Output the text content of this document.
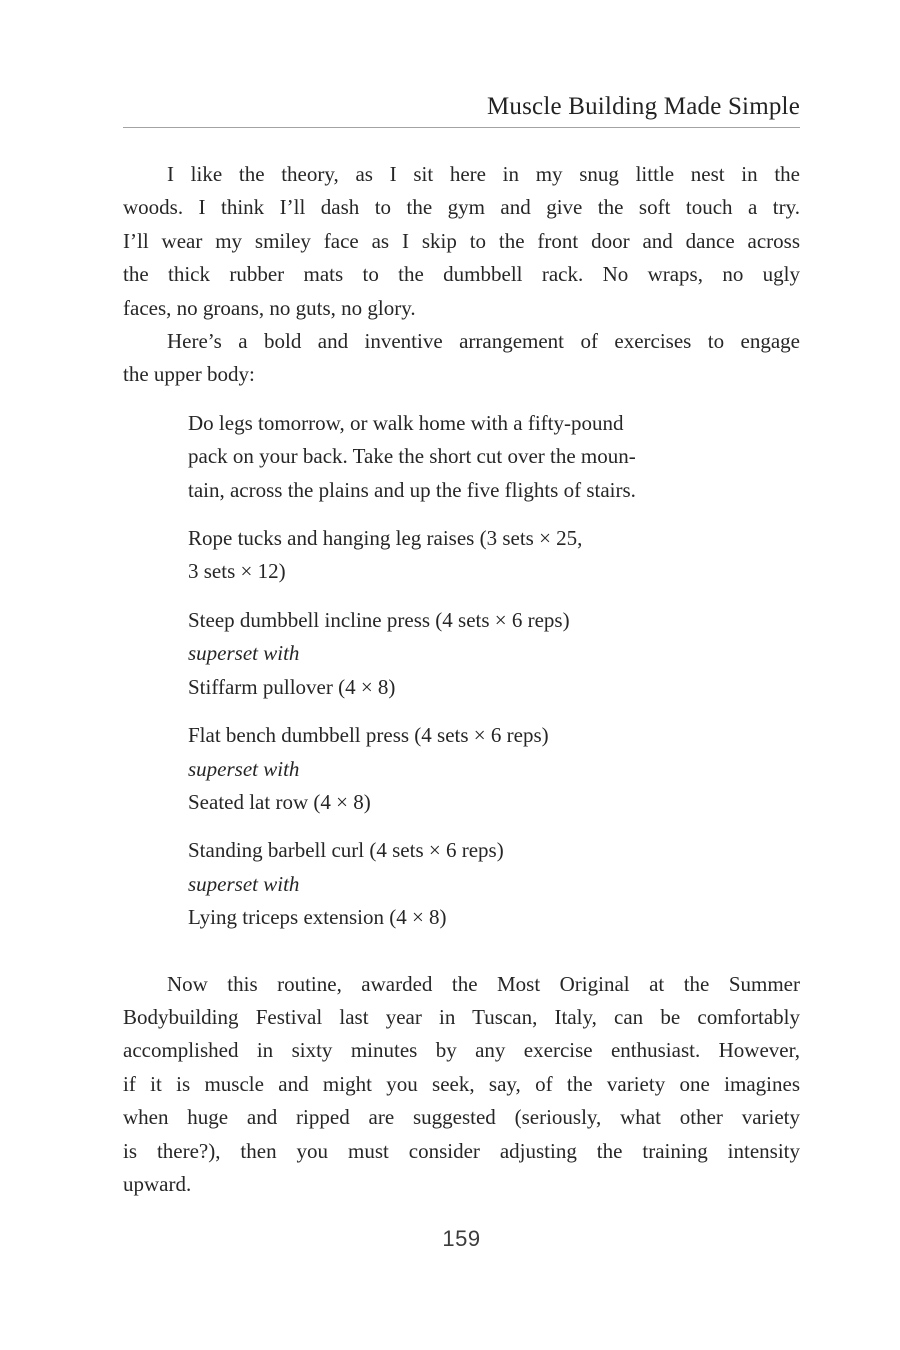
Muscle Building Made Simple
I like the theory, as I sit here in my snug little nest in the
woods. I think I’ll dash to the gym and give the soft touch a try.
I’ll wear my smiley face as I skip to the front door and dance across
the thick rubber mats to the dumbbell rack. No wraps, no ugly
faces, no groans, no guts, no glory.
Here’s a bold and inventive arrangement of exercises to engage
the upper body:
Do legs tomorrow, or walk home with a fifty-pound
pack on your back. Take the short cut over the moun-
tain, across the plains and up the five flights of stairs.
Rope tucks and hanging leg raises (3 sets × 25,
3 sets × 12)
Steep dumbbell incline press (4 sets × 6 reps)
superset with
Stiffarm pullover (4 × 8)
Flat bench dumbbell press (4 sets × 6 reps)
superset with
Seated lat row (4 × 8)
Standing barbell curl (4 sets × 6 reps)
superset with
Lying triceps extension (4 × 8)
Now this routine, awarded the Most Original at the Summer
Bodybuilding Festival last year in Tuscan, Italy, can be comfortably
accomplished in sixty minutes by any exercise enthusiast. However,
if it is muscle and might you seek, say, of the variety one imagines
when huge and ripped are suggested (seriously, what other variety
is there?), then you must consider adjusting the training intensity
upward.
159
